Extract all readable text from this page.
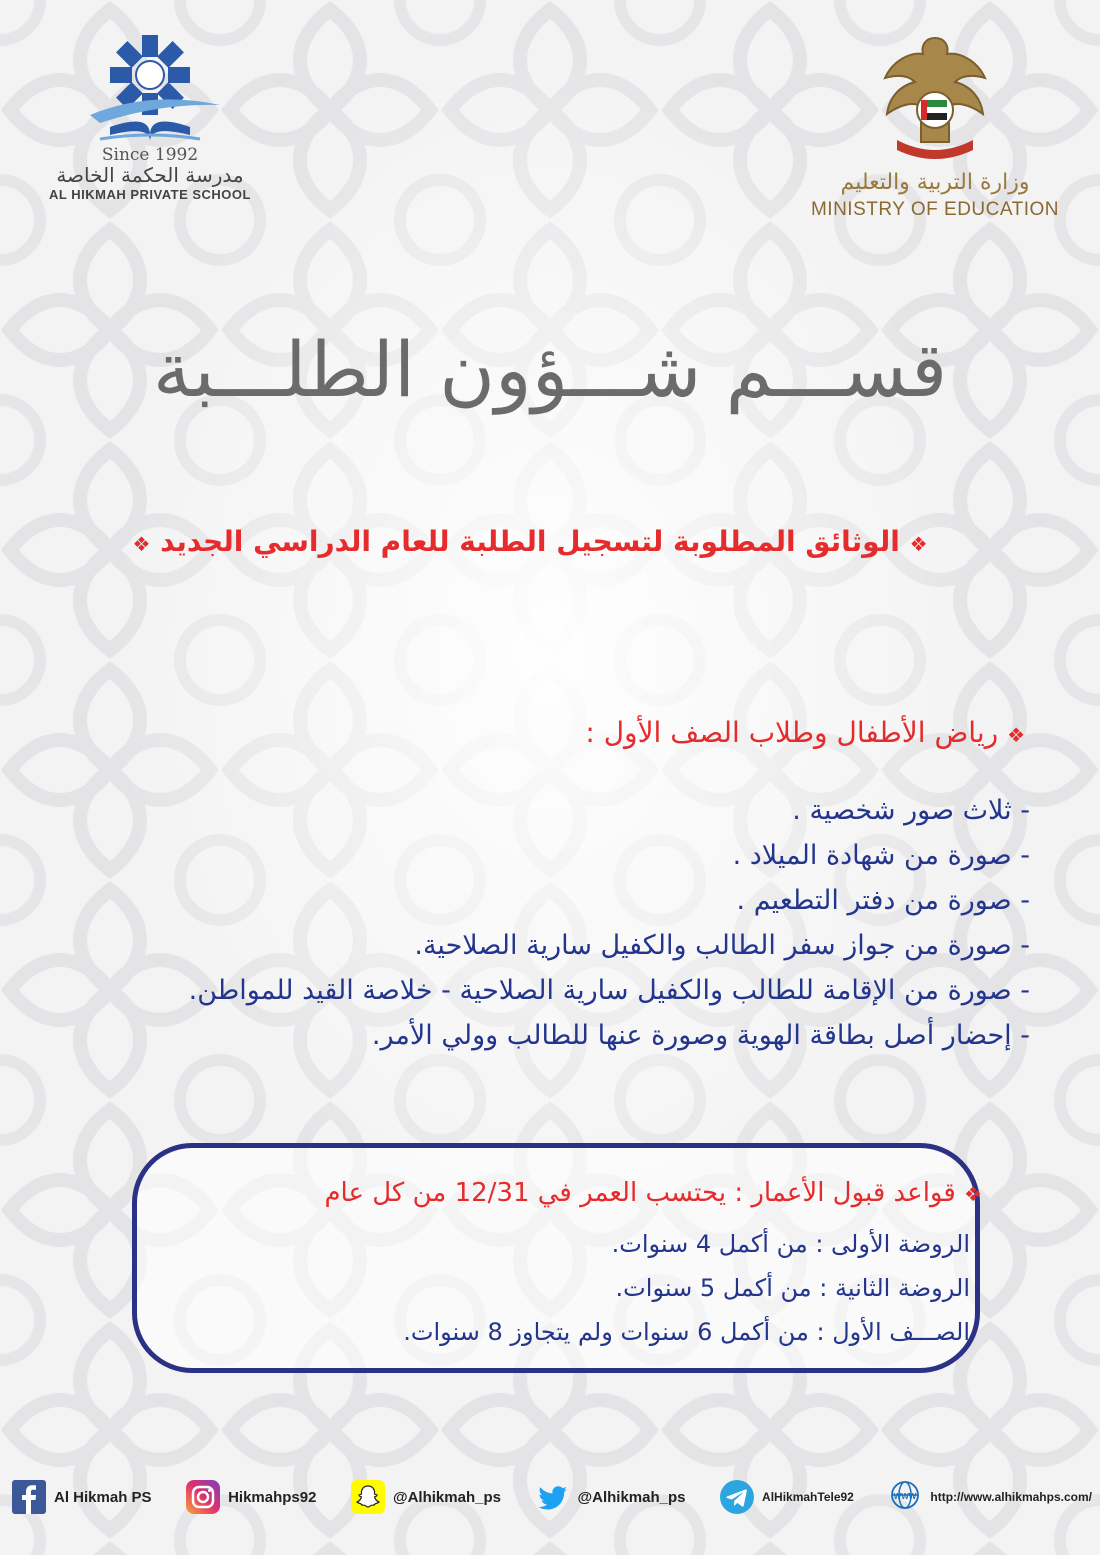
Since 1992
مدرسة الحكمة الخاصة
AL HIKMAH PRIVATE SCHOOL	وزارة التربية والتعليم
MINISTRY OF EDUCATION
قســـم شـــؤون الطلـــبة
❖ الوثائق المطلوبة لتسجيل الطلبة للعام الدراسي الجديد ❖
❖ رياض الأطفال وطلاب الصف الأول :
- ثلاث صور شخصية .
- صورة من شهادة الميلاد .
- صورة من دفتر التطعيم .
- صورة من جواز سفر الطالب والكفيل سارية الصلاحية.
- صورة من الإقامة للطالب والكفيل سارية الصلاحية - خلاصة القيد للمواطن.
- إحضار أصل بطاقة الهوية وصورة عنها للطالب وولي الأمر.
❖ قواعد قبول الأعمار : يحتسب العمر في 12/31 من كل عام
الروضة الأولى : من أكمل 4 سنوات.
الروضة الثانية : من أكمل 5 سنوات.
الصـــف الأول : من أكمل 6 سنوات ولم يتجاوز 8 سنوات.
Al Hikmah PS	Hikmahps92	@Alhikmah_ps	@Alhikmah_ps	AlHikmahTele92	WWW http://www.alhikmahps.com/
